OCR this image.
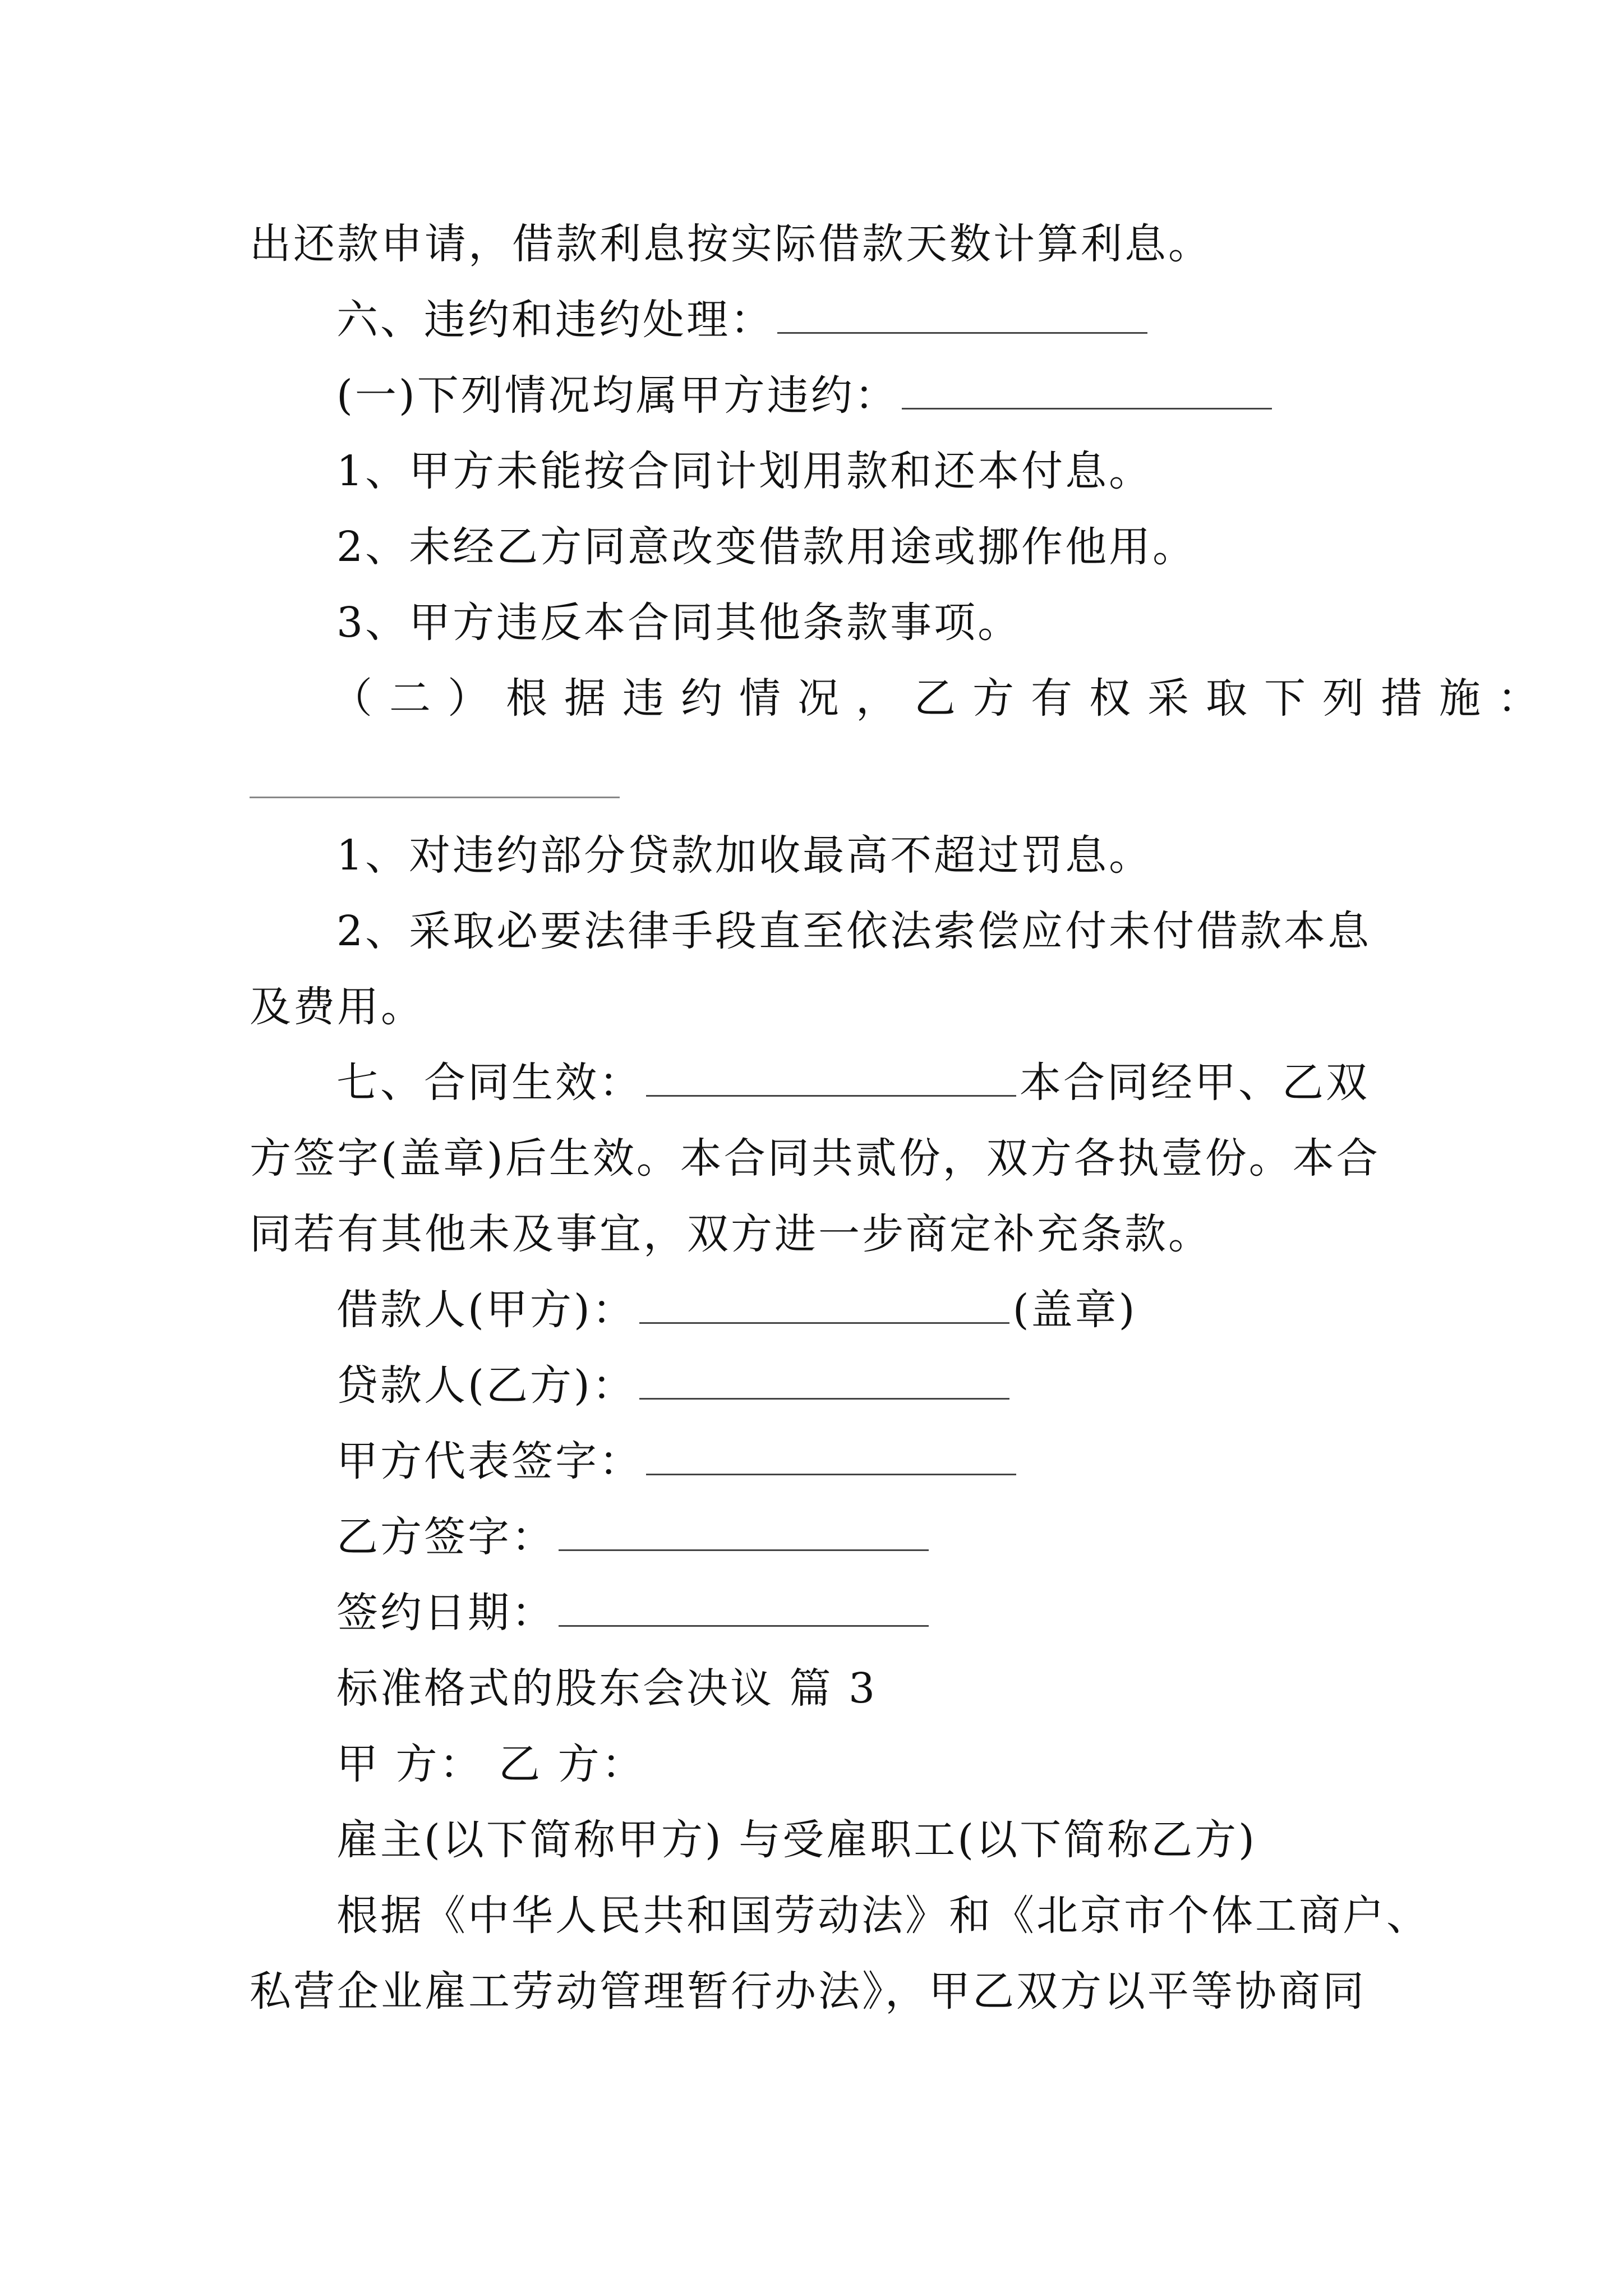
出还款申请，借款利息按实际借款天数计算利息。
六、违约和违约处理：
(一)下列情况均属甲方违约：
1、甲方未能按合同计划用款和还本付息。
2、未经乙方同意改变借款用途或挪作他用。
3、甲方违反本合同其他条款事项。
（二）根据违约情况，乙方有权采取下列措施：
1、对违约部分贷款加收最高不超过罚息。
2、采取必要法律手段直至依法索偿应付未付借款本息
及费用。
七、合同生效：	本合同经甲、乙双
方签字(盖章)后生效。本合同共贰份，双方各执壹份。本合
同若有其他未及事宜，双方进一步商定补充条款。
借款人(甲方)：	(盖章)
贷款人(乙方)：
甲方代表签字：
乙方签字：
签约日期：
标准格式的股东会决议 篇 3
甲 方： 乙 方：
雇主(以下简称甲方) 与受雇职工(以下简称乙方)
根据《中华人民共和国劳动法》和《北京市个体工商户、
私营企业雇工劳动管理暂行办法》，甲乙双方以平等协商同
